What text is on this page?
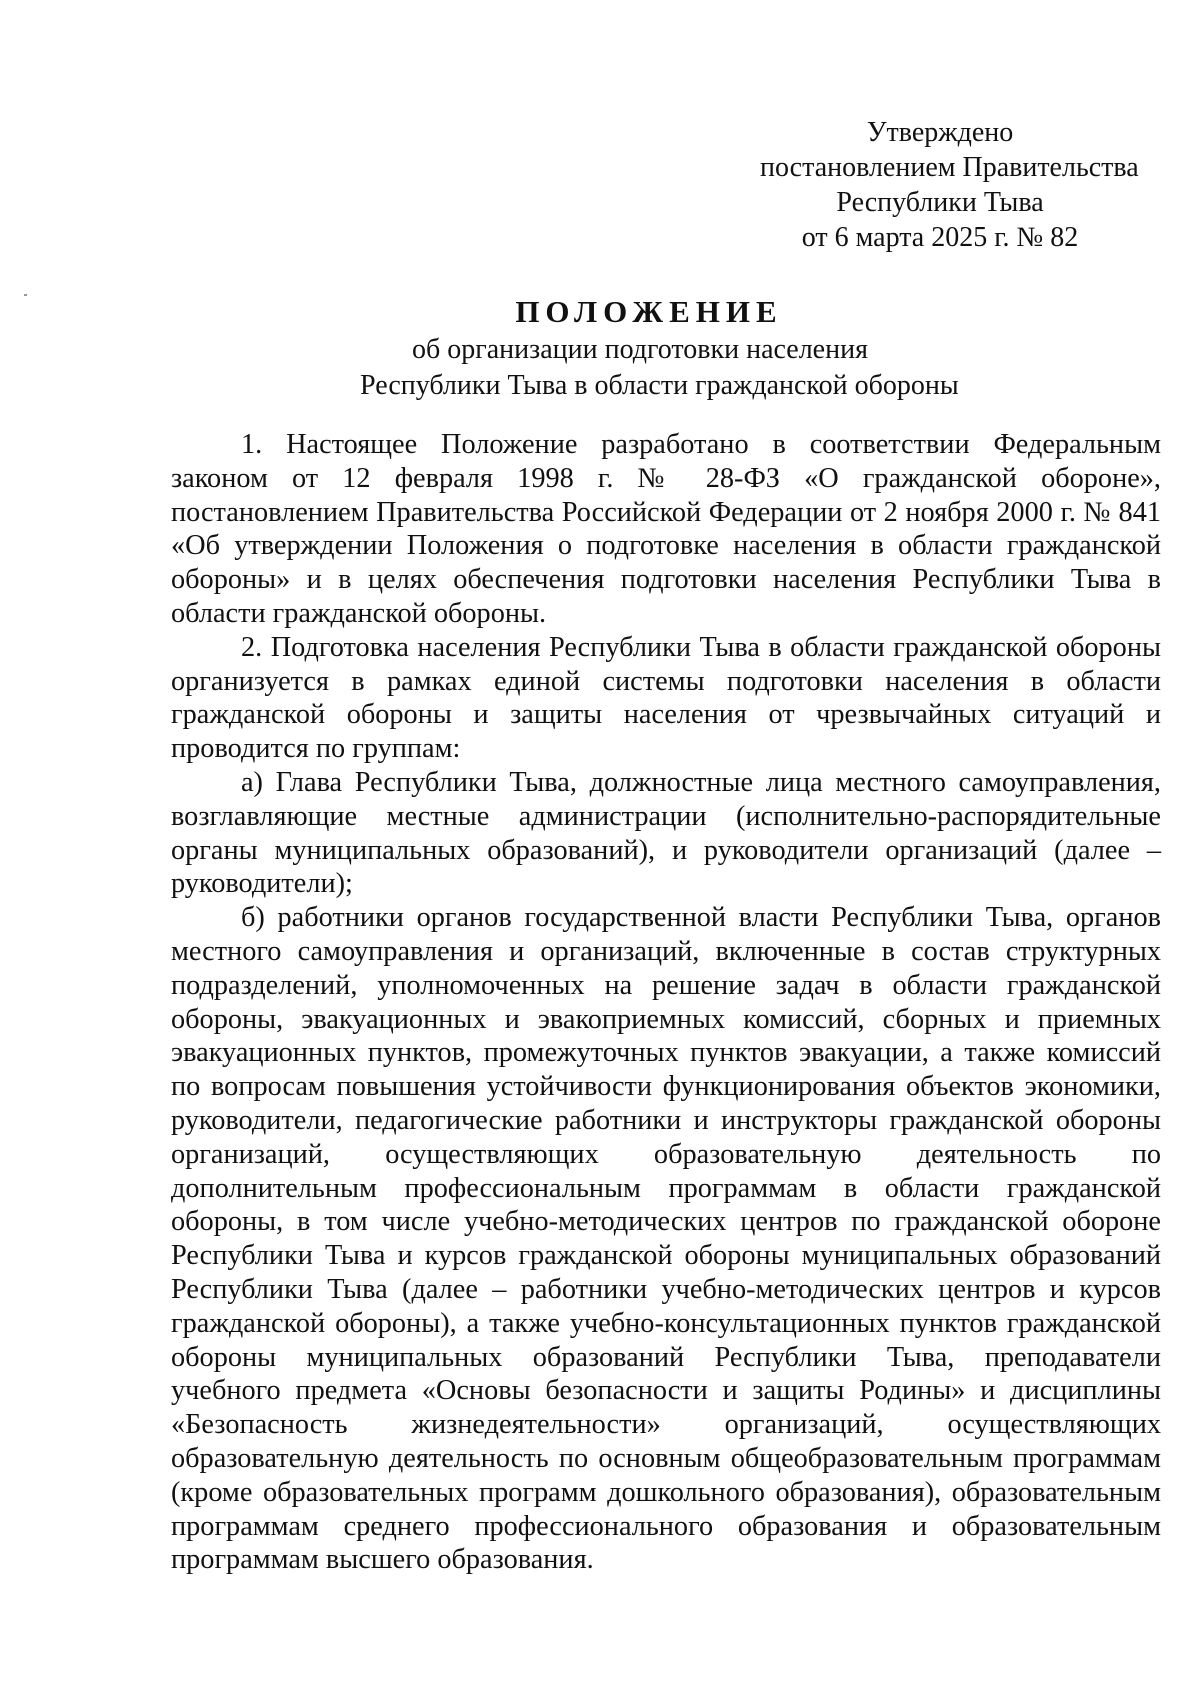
Утверждено
постановлением Правительства
Республики Тыва
от 6 марта 2025 г. № 82
ПОЛОЖЕНИЕ
об организации подготовки населения
Республики Тыва в области гражданской обороны

1. Настоящее Положение разработано в соответствии Федеральным законом от 12 февраля 1998 г. № 28-ФЗ «О гражданской обороне», постановлением Правительства Российской Федерации от 2 ноября 2000 г. № 841 «Об утверждении Положения о подготовке населения в области гражданской обороны» и в целях обеспечения подготовки населения Республики Тыва в области гражданской обороны.

2. Подготовка населения Республики Тыва в области гражданской обороны организуется в рамках единой системы подготовки населения в области гражданской обороны и защиты населения от чрезвычайных ситуаций и проводится по группам:

а) Глава Республики Тыва, должностные лица местного самоуправления, возглавляющие местные администрации (исполнительно-распорядительные органы муниципальных образований), и руководители организаций (далее – руководители);

б) работники органов государственной власти Республики Тыва, органов местного самоуправления и организаций, включенные в состав структурных подразделений, уполномоченных на решение задач в области гражданской обороны, эвакуационных и эвакоприемных комиссий, сборных и приемных эвакуационных пунктов, промежуточных пунктов эвакуации, а также комиссий по вопросам повышения устойчивости функционирования объектов экономики, руководители, педагогические работники и инструкторы гражданской обороны организаций, осуществляющих образовательную деятельность по дополнительным профессиональным программам в области гражданской обороны, в том числе учебно-методических центров по гражданской обороне Республики Тыва и курсов гражданской обороны муниципальных образований Республики Тыва (далее – работники учебно-методических центров и курсов гражданской обороны), а также учебно-консультационных пунктов гражданской обороны муниципальных образований Республики Тыва, преподаватели учебного предмета «Основы безопасности и защиты Родины» и дисциплины «Безопасность жизнедеятельности» организаций, осуществляющих образовательную деятельность по основным общеобразовательным программам (кроме образовательных программ дошкольного образования), образовательным программам среднего профессионального образования и образовательным программам высшего образования.
